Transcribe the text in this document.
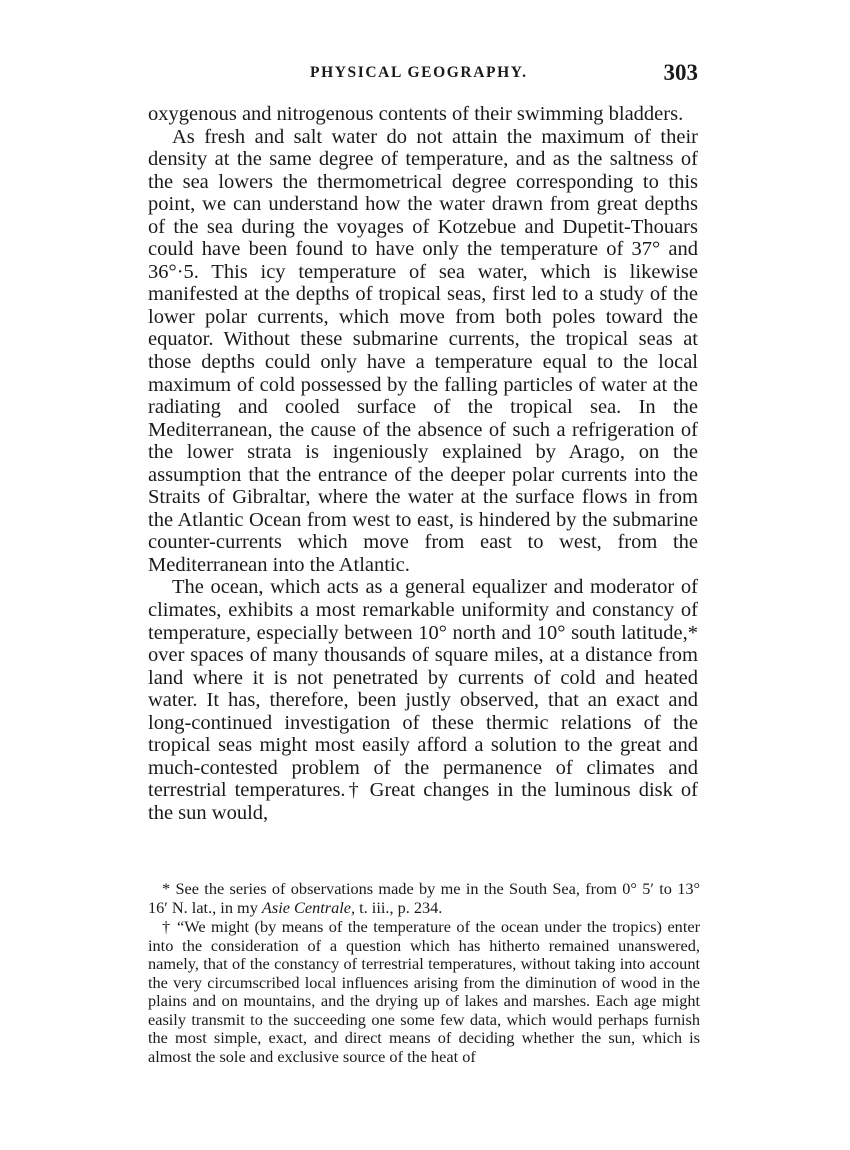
PHYSICAL GEOGRAPHY.	303

oxygenous and nitrogenous contents of their swimming bladders.

As fresh and salt water do not attain the maximum of their density at the same degree of temperature, and as the saltness of the sea lowers the thermometrical degree corresponding to this point, we can understand how the water drawn from great depths of the sea during the voyages of Kotzebue and Dupetit-Thouars could have been found to have only the temperature of 37° and 36°·5. This icy temperature of sea water, which is likewise manifested at the depths of tropical seas, first led to a study of the lower polar currents, which move from both poles toward the equator. Without these submarine currents, the tropical seas at those depths could only have a temperature equal to the local maximum of cold possessed by the falling particles of water at the radiating and cooled surface of the tropical sea. In the Mediterranean, the cause of the absence of such a refrigeration of the lower strata is ingeniously explained by Arago, on the assumption that the entrance of the deeper polar currents into the Straits of Gibraltar, where the water at the surface flows in from the Atlantic Ocean from west to east, is hindered by the submarine counter-currents which move from east to west, from the Mediterranean into the Atlantic.

The ocean, which acts as a general equalizer and moderator of climates, exhibits a most remarkable uniformity and constancy of temperature, especially between 10° north and 10° south latitude,* over spaces of many thousands of square miles, at a distance from land where it is not penetrated by currents of cold and heated water. It has, therefore, been justly observed, that an exact and long-continued investigation of these thermic relations of the tropical seas might most easily afford a solution to the great and much-contested problem of the permanence of climates and terrestrial temperatures.† Great changes in the luminous disk of the sun would,

* See the series of observations made by me in the South Sea, from 0° 5′ to 13° 16′ N. lat., in my Asie Centrale, t. iii., p. 234.

† “We might (by means of the temperature of the ocean under the tropics) enter into the consideration of a question which has hitherto remained unanswered, namely, that of the constancy of terrestrial temperatures, without taking into account the very circumscribed local influences arising from the diminution of wood in the plains and on mountains, and the drying up of lakes and marshes. Each age might easily transmit to the succeeding one some few data, which would perhaps furnish the most simple, exact, and direct means of deciding whether the sun, which is almost the sole and exclusive source of the heat of
